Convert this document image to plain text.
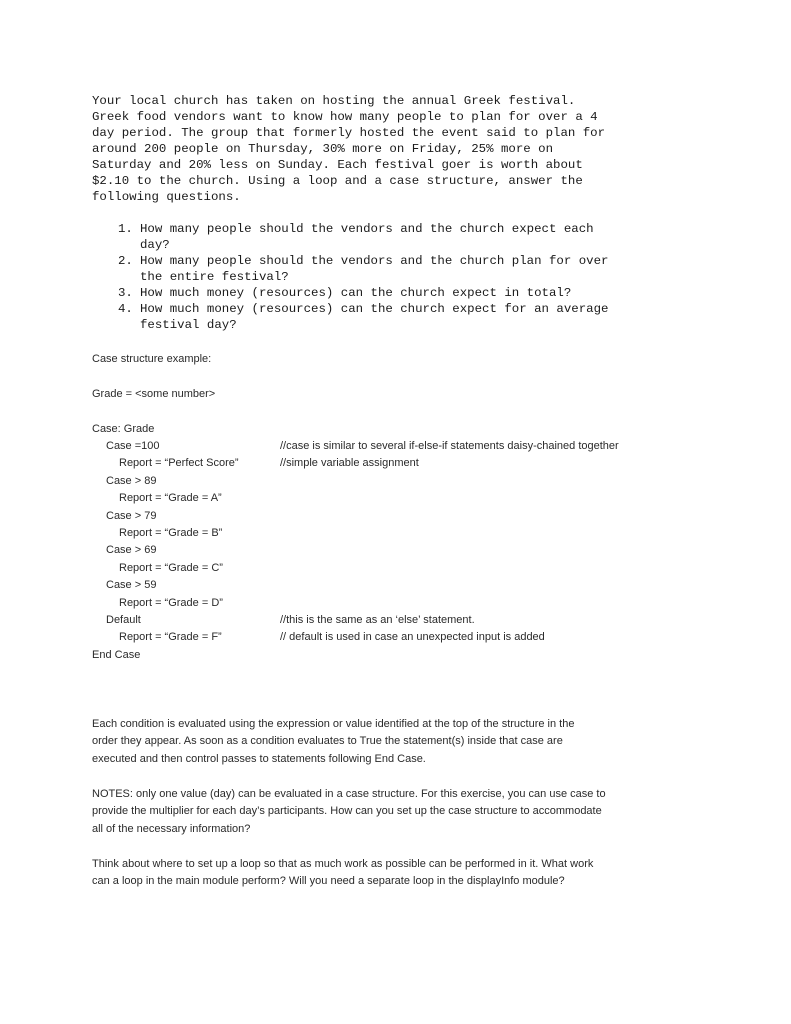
Your local church has taken on hosting the annual Greek festival.
Greek food vendors want to know how many people to plan for over a 4
day period. The group that formerly hosted the event said to plan for
around 200 people on Thursday, 30% more on Friday, 25% more on
Saturday and 20% less on Sunday. Each festival goer is worth about
$2.10 to the church. Using a loop and a case structure, answer the
following questions.
1. How many people should the vendors and the church expect each
day?
2. How many people should the vendors and the church plan for over
the entire festival?
3. How much money (resources) can the church expect in total?
4. How much money (resources) can the church expect for an average
festival day?

Case structure example:

Grade = <some number>

Case: Grade

Case =100	//case is similar to several if-else-if statements daisy-chained together

Report = “Perfect Score”	//simple variable assignment

Case > 89

Report = “Grade = A”

Case > 79

Report = “Grade = B”

Case > 69

Report = “Grade = C”

Case > 59

Report = “Grade = D”

Default	//this is the same as an ‘else’ statement.

Report = “Grade = F”	// default is used in case an unexpected input is added

End Case

Each condition is evaluated using the expression or value identified at the top of the structure in the
order they appear. As soon as a condition evaluates to True the statement(s) inside that case are
executed and then control passes to statements following End Case.
NOTES: only one value (day) can be evaluated in a case structure. For this exercise, you can use case to
provide the multiplier for each day’s participants. How can you set up the case structure to accommodate
all of the necessary information?
Think about where to set up a loop so that as much work as possible can be performed in it. What work
can a loop in the main module perform? Will you need a separate loop in the displayInfo module?
